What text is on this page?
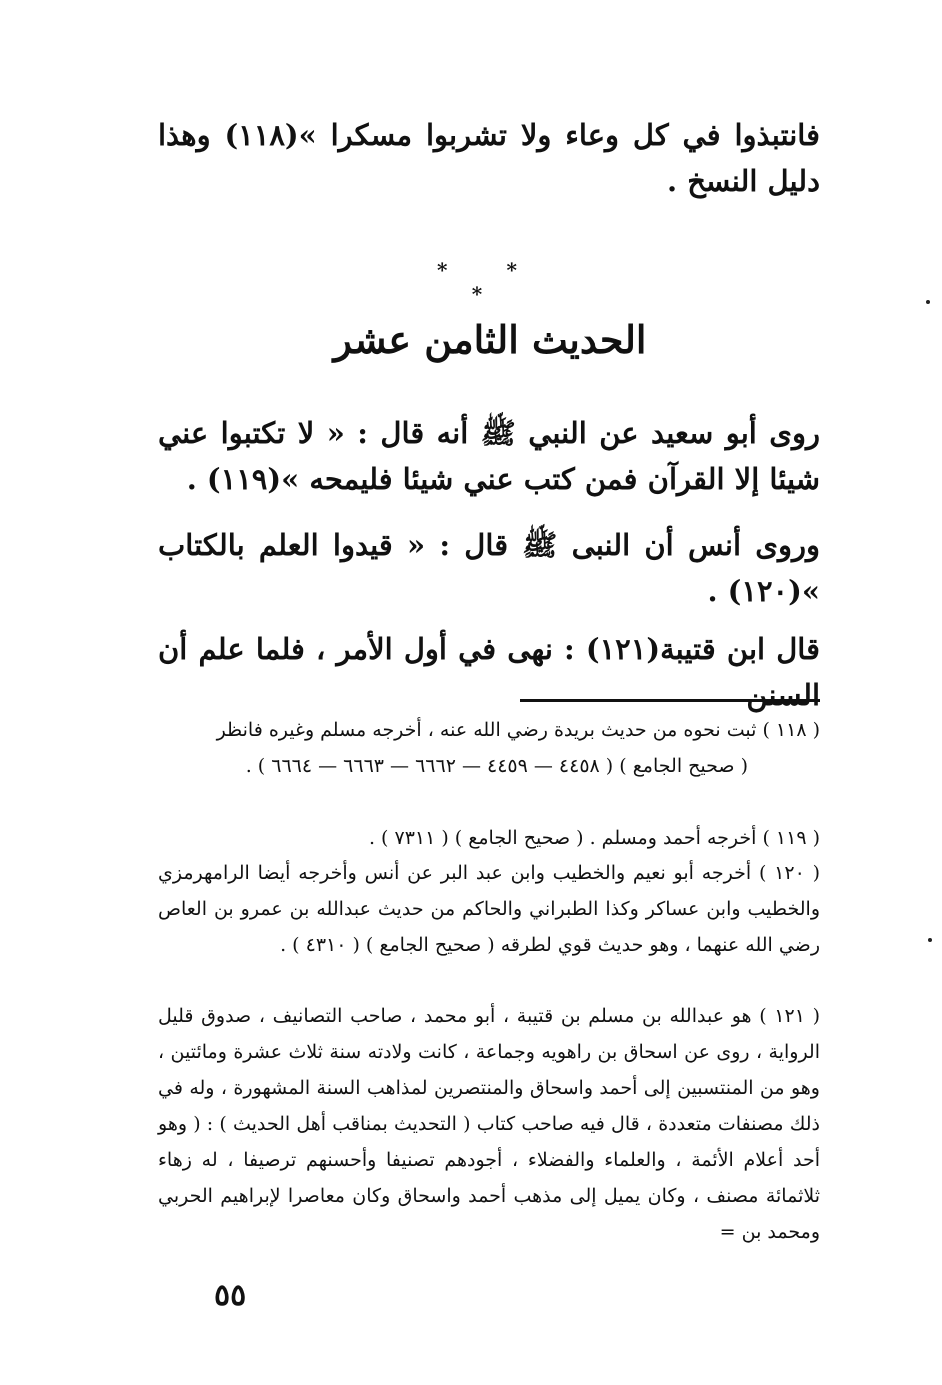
فانتبذوا في كل وعاء ولا تشربوا مسكرا »(١١٨) وهذا دليل النسخ .

* * *
الحديث الثامن عشر

روى أبو سعيد عن النبي ﷺ أنه قال : « لا تكتبوا عني شيئا إلا القرآن فمن كتب عني شيئا فليمحه »(١١٩) .

وروى أنس أن النبى ﷺ قال : « قيدوا العلم بالكتاب »(١٢٠) .

قال ابن قتيبة(١٢١) : نهى في أول الأمر ، فلما علم أن السنن

( ١١٨ ) ثبت نحوه من حديث بريدة رضي الله عنه ، أخرجه مسلم وغيره فانظر
( صحيح الجامع ) ( ٤٤٥٨ — ٤٤٥٩ — ٦٦٦٢ — ٦٦٦٣ — ٦٦٦٤ ) .
( ١١٩ ) أخرجه أحمد ومسلم . ( صحيح الجامع ) ( ٧٣١١ ) .
( ١٢٠ ) أخرجه أبو نعيم والخطيب وابن عبد البر عن أنس وأخرجه أيضا الرامهرمزي والخطيب وابن عساكر وكذا الطبراني والحاكم من حديث عبدالله بن عمرو بن العاص رضي الله عنهما ، وهو حديث قوي لطرقه ( صحيح الجامع ) ( ٤٣١٠ ) .
( ١٢١ ) هو عبدالله بن مسلم بن قتيبة ، أبو محمد ، صاحب التصانيف ، صدوق قليل الرواية ، روى عن اسحاق بن راهويه وجماعة ، كانت ولادته سنة ثلاث عشرة ومائتين ، وهو من المنتسبين إلى أحمد واسحاق والمنتصرين لمذاهب السنة المشهورة ، وله في ذلك مصنفات متعددة ، قال فيه صاحب كتاب ( التحديث بمناقب أهل الحديث ) : ( وهو أحد أعلام الأئمة ، والعلماء والفضلاء ، أجودهم تصنيفا وأحسنهم ترصيفا ، له زهاء ثلاثمائة مصنف ، وكان يميل إلى مذهب أحمد واسحاق وكان معاصرا لإبراهيم الحربي ومحمد بن =
٥٥
